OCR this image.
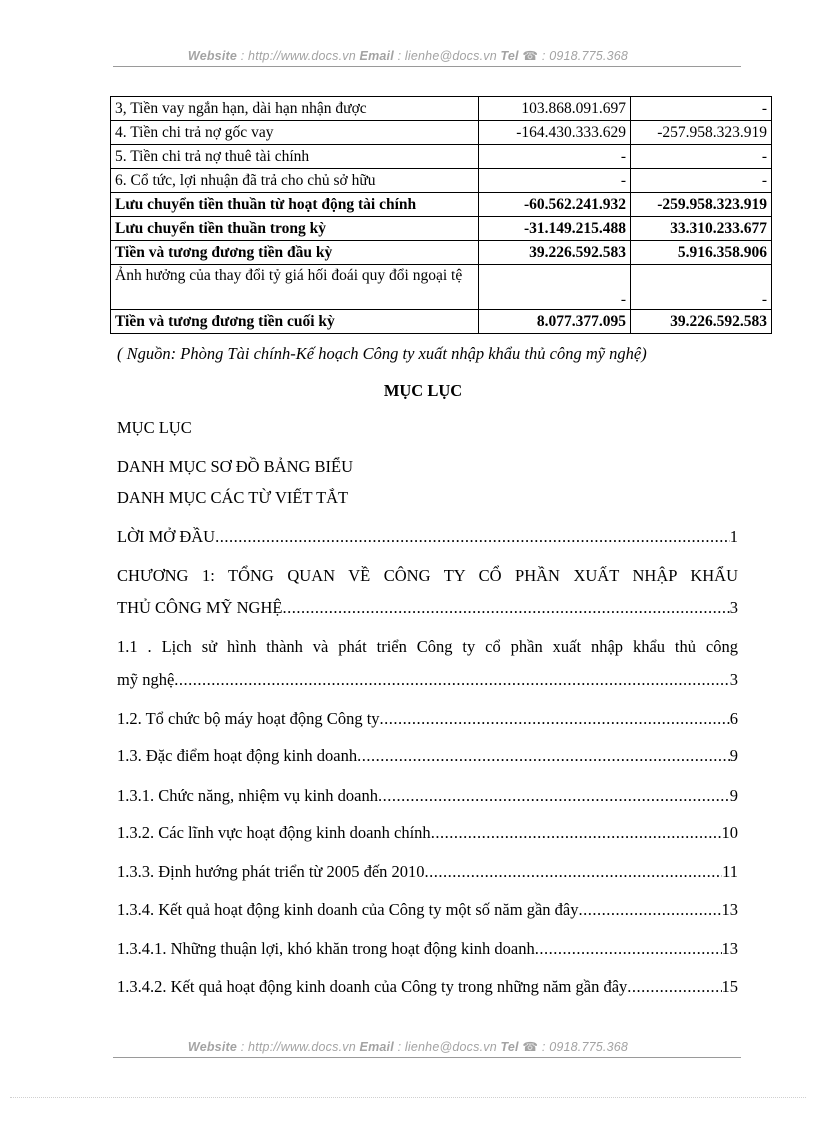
Website : http://www.docs.vn Email : lienhe@docs.vn Tel ☎ : 0918.775.368
3, Tiền vay ngắn hạn, dài hạn nhận được	103.868.091.697	-
4. Tiền chi trả nợ gốc vay	-164.430.333.629	-257.958.323.919
5. Tiền chi trả nợ thuê tài chính	-	-
6. Cổ tức, lợi nhuận đã trả cho chủ sở hữu	-	-
Lưu chuyển tiền thuần từ hoạt động tài chính	-60.562.241.932	-259.958.323.919
Lưu chuyển tiền thuần trong kỳ	-31.149.215.488	33.310.233.677
Tiền và tương đương tiền đầu kỳ	39.226.592.583	5.916.358.906
Ảnh hưởng của thay đổi tỷ giá hối đoái quy đổi ngoại tệ	-	-
Tiền và tương đương tiền cuối kỳ	8.077.377.095	39.226.592.583
( Nguồn: Phòng Tài chính-Kế hoạch Công ty xuất nhập khẩu thủ công mỹ nghệ)
MỤC LỤC
MỤC LỤC
DANH MỤC SƠ ĐỒ BẢNG BIỂU
DANH MỤC CÁC TỪ VIẾT TẮT
LỜI MỞ ĐẦU .....	1
CHƯƠNG 1: TỔNG QUAN VỀ CÔNG TY CỔ PHẦN XUẤT NHẬP KHẨU
THỦ CÔNG MỸ NGHỆ .....	3
1.1 . Lịch sử hình thành và phát triển Công ty cổ phần xuất nhập khẩu thủ công
mỹ nghệ .....	3
1.2. Tổ chức bộ máy hoạt động Công ty .....	6
1.3. Đặc điểm hoạt động kinh doanh .....	9
1.3.1. Chức năng, nhiệm vụ kinh doanh .....	9
1.3.2. Các lĩnh vực hoạt động kinh doanh chính .....	10
1.3.3. Định hướng phát triển từ 2005 đến 2010 .....	11
1.3.4. Kết quả hoạt động kinh doanh của Công ty một số năm gần đây .....	13
1.3.4.1. Những thuận lợi, khó khăn trong hoạt động kinh doanh .....	13
1.3.4.2. Kết quả hoạt động kinh doanh của Công ty trong những năm gần đây .....	15
Website : http://www.docs.vn Email : lienhe@docs.vn Tel ☎ : 0918.775.368
